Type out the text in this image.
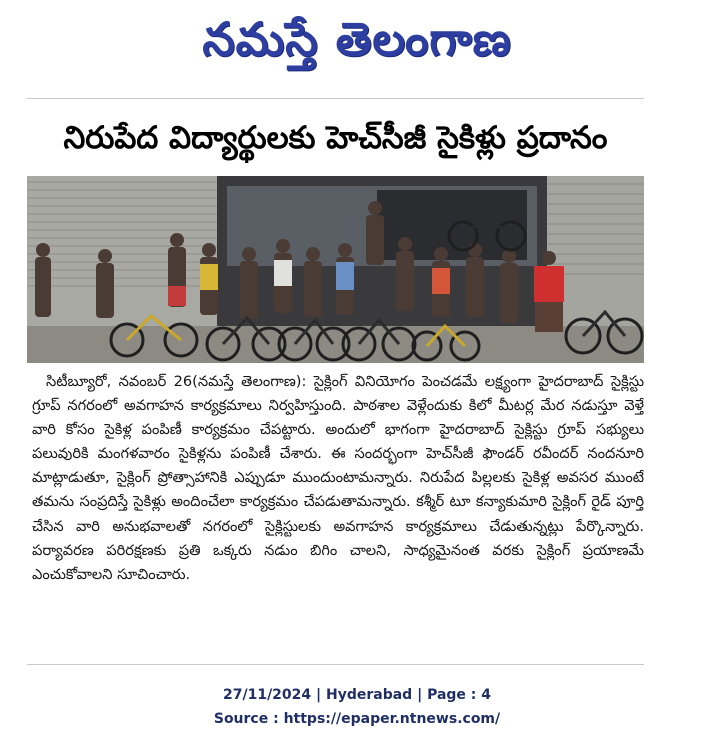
నమస్తే తెలంగాణ
నిరుపేద విద్యార్థులకు హెచ్‌సీజీ సైకిళ్లు ప్రదానం

సిటీబ్యూరో, నవంబర్ 26(నమస్తే తెలంగాణ): సైక్లింగ్ వినియోగం పెంచడమే లక్ష్యంగా హైదరాబాద్ సైక్లిస్టు గ్రూప్ నగరంలో అవగాహన కార్యక్రమాలు నిర్వహిస్తుంది. పాఠశాల వెళ్లేందుకు కిలో మీటర్ల మేర నడుస్తూ వెళ్తే వారి కోసం సైకిళ్ల పంపిణీ కార్యక్రమం చేపట్టారు. అందులో భాగంగా హైదరాబాద్ సైక్లిస్టు గ్రూప్ సభ్యులు పలువురికి మంగళవారం సైకిళ్లను పంపిణీ చేశారు. ఈ సందర్భంగా హెచ్‌సీజీ ఫౌండర్ రవీందర్ నందనూరి మాట్లాడుతూ, సైక్లింగ్ ప్రోత్సాహానికి ఎప్పుడూ ముందుంటామన్నారు. నిరుపేద పిల్లలకు సైకిళ్ల అవసర ముంటే తమను సంప్రదిస్తే సైకిళ్లు అందించేలా కార్యక్రమం చేపడుతామన్నారు. కశ్మీర్ టూ కన్యాకుమారి సైక్లింగ్ రైడ్ పూర్తి చేసిన వారి అనుభవాలతో నగరంలో సైక్లిస్టులకు అవగాహన కార్యక్రమాలు చేడుతున్నట్లు పేర్కొన్నారు. పర్యావరణ పరిరక్షణకు ప్రతి ఒక్కరు నడుం బిగిం చాలని, సాధ్యమైనంత వరకు సైక్లింగ్ ప్రయాణమే ఎంచుకోవాలని సూచించారు.

27/11/2024 | Hyderabad | Page : 4
Source : https://epaper.ntnews.com/
